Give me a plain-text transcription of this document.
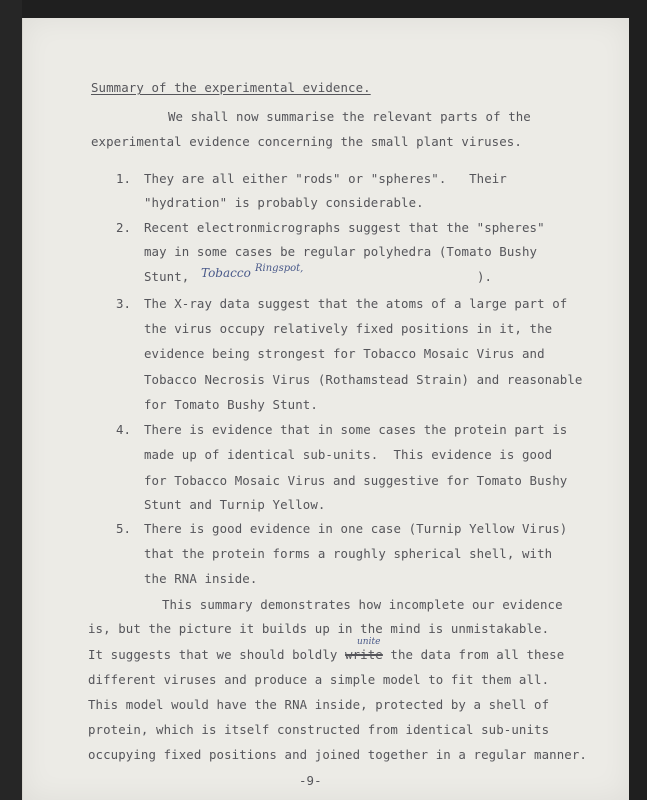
Summary of the experimental evidence.
We shall now summarise the relevant parts of the
experimental evidence concerning the small plant viruses.
1. They are all either "rods" or "spheres".   Their
"hydration" is probably considerable.
2. Recent electronmicrographs suggest that the "spheres"
may in some cases be regular polyhedra (Tomato Bushy
Stunt, Tobacco Ringspot,
).
3. The X-ray data suggest that the atoms of a large part of
the virus occupy relatively fixed positions in it, the
evidence being strongest for Tobacco Mosaic Virus and
Tobacco Necrosis Virus (Rothamstead Strain) and reasonable
for Tomato Bushy Stunt.
4. There is evidence that in some cases the protein part is
made up of identical sub-units.  This evidence is good
for Tobacco Mosaic Virus and suggestive for Tomato Bushy
Stunt and Turnip Yellow.
5. There is good evidence in one case (Turnip Yellow Virus)
that the protein forms a roughly spherical shell, with
the RNA inside.
This summary demonstrates how incomplete our evidence
is, but the picture it builds up in the mind is unmistakable.
unite
It suggests that we should boldly write the data from all these
different viruses and produce a simple model to fit them all.
This model would have the RNA inside, protected by a shell of
protein, which is itself constructed from identical sub-units
occupying fixed positions and joined together in a regular manner.
-9-
